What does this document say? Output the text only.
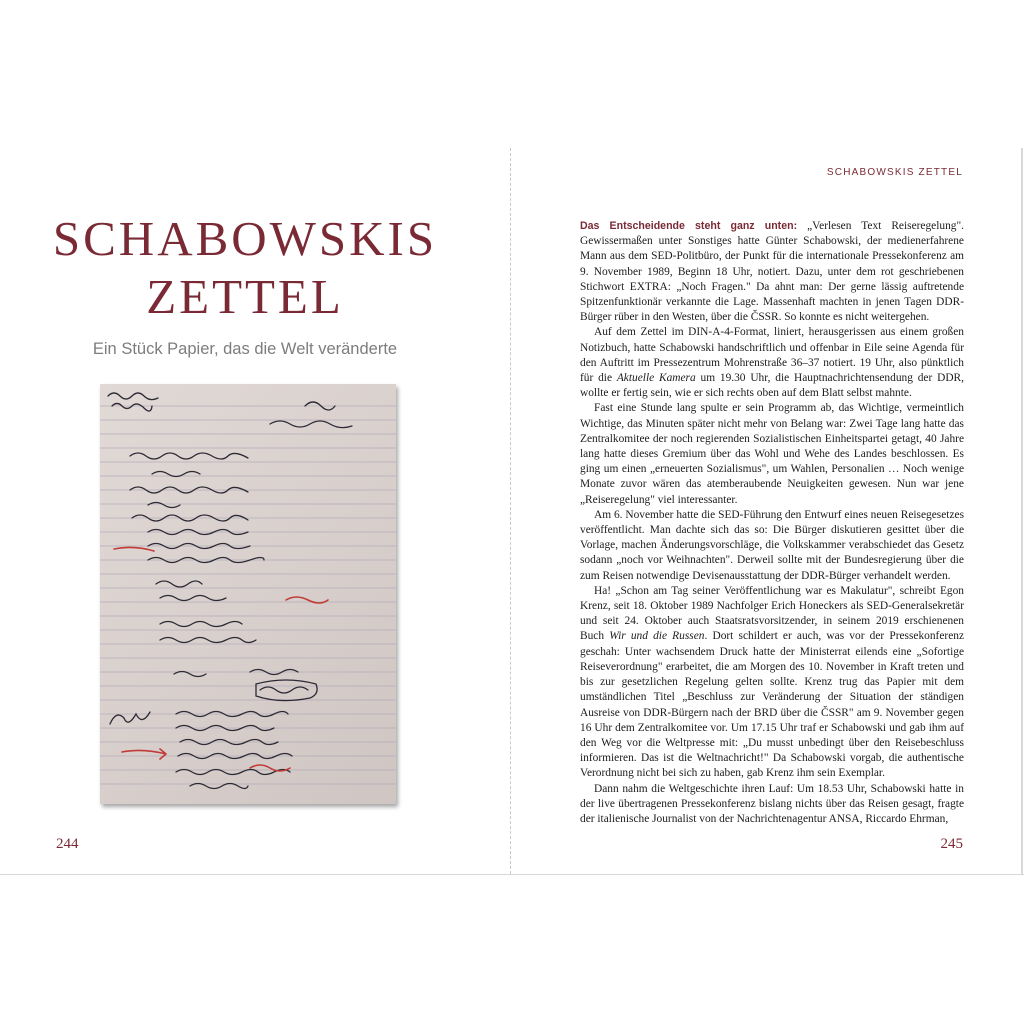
SCHABOWSKIS
ZETTEL
Ein Stück Papier, das die Welt veränderte
244
SCHABOWSKIS ZETTEL

Das Entscheidende steht ganz unten: „Verlesen Text Reiseregelung". Gewissermaßen unter Sonstiges hatte Günter Schabowski, der medienerfahrene Mann aus dem SED-Politbüro, der Punkt für die internationale Pressekonferenz am 9. November 1989, Beginn 18 Uhr, notiert. Dazu, unter dem rot geschriebenen Stichwort EXTRA: „Noch Fragen." Da ahnt man: Der gerne lässig auftretende Spitzenfunktionär verkannte die Lage. Massenhaft machten in jenen Tagen DDR-Bürger rüber in den Westen, über die ČSSR. So konnte es nicht weitergehen.

Auf dem Zettel im DIN-A-4-Format, liniert, herausgerissen aus einem großen Notizbuch, hatte Schabowski handschriftlich und offenbar in Eile seine Agenda für den Auftritt im Pressezentrum Mohrenstraße 36–37 notiert. 19 Uhr, also pünktlich für die Aktuelle Kamera um 19.30 Uhr, die Hauptnachrichtensendung der DDR, wollte er fertig sein, wie er sich rechts oben auf dem Blatt selbst mahnte.

Fast eine Stunde lang spulte er sein Programm ab, das Wichtige, vermeintlich Wichtige, das Minuten später nicht mehr von Belang war: Zwei Tage lang hatte das Zentralkomitee der noch regierenden Sozialistischen Einheitspartei getagt, 40 Jahre lang hatte dieses Gremium über das Wohl und Wehe des Landes beschlossen. Es ging um einen „erneuerten Sozialismus", um Wahlen, Personalien … Noch wenige Monate zuvor wären das atemberaubende Neuigkeiten gewesen. Nun war jene „Reiseregelung" viel interessanter.

Am 6. November hatte die SED-Führung den Entwurf eines neuen Reisegesetzes veröffentlicht. Man dachte sich das so: Die Bürger diskutieren gesittet über die Vorlage, machen Änderungsvorschläge, die Volkskammer verabschiedet das Gesetz sodann „noch vor Weihnachten". Derweil sollte mit der Bundesregierung über die zum Reisen notwendige Devisenausstattung der DDR-Bürger verhandelt werden.

Ha! „Schon am Tag seiner Veröffentlichung war es Makulatur", schreibt Egon Krenz, seit 18. Oktober 1989 Nachfolger Erich Honeckers als SED-Generalsekretär und seit 24. Oktober auch Staatsratsvorsitzender, in seinem 2019 erschienenen Buch Wir und die Russen. Dort schildert er auch, was vor der Pressekonferenz geschah: Unter wachsendem Druck hatte der Ministerrat eilends eine „Sofortige Reiseverordnung" erarbeitet, die am Morgen des 10. November in Kraft treten und bis zur gesetzlichen Regelung gelten sollte. Krenz trug das Papier mit dem umständlichen Titel „Beschluss zur Veränderung der Situation der ständigen Ausreise von DDR-Bürgern nach der BRD über die ČSSR" am 9. November gegen 16 Uhr dem Zentralkomitee vor. Um 17.15 Uhr traf er Schabowski und gab ihm auf den Weg vor die Weltpresse mit: „Du musst unbedingt über den Reisebeschluss informieren. Das ist die Weltnachricht!" Da Schabowski vorgab, die authentische Verordnung nicht bei sich zu haben, gab Krenz ihm sein Exemplar.

Dann nahm die Weltgeschichte ihren Lauf: Um 18.53 Uhr, Schabowski hatte in der live übertragenen Pressekonferenz bislang nichts über das Reisen gesagt, fragte der italienische Journalist von der Nachrichtenagentur ANSA, Riccardo Ehrman,

245
